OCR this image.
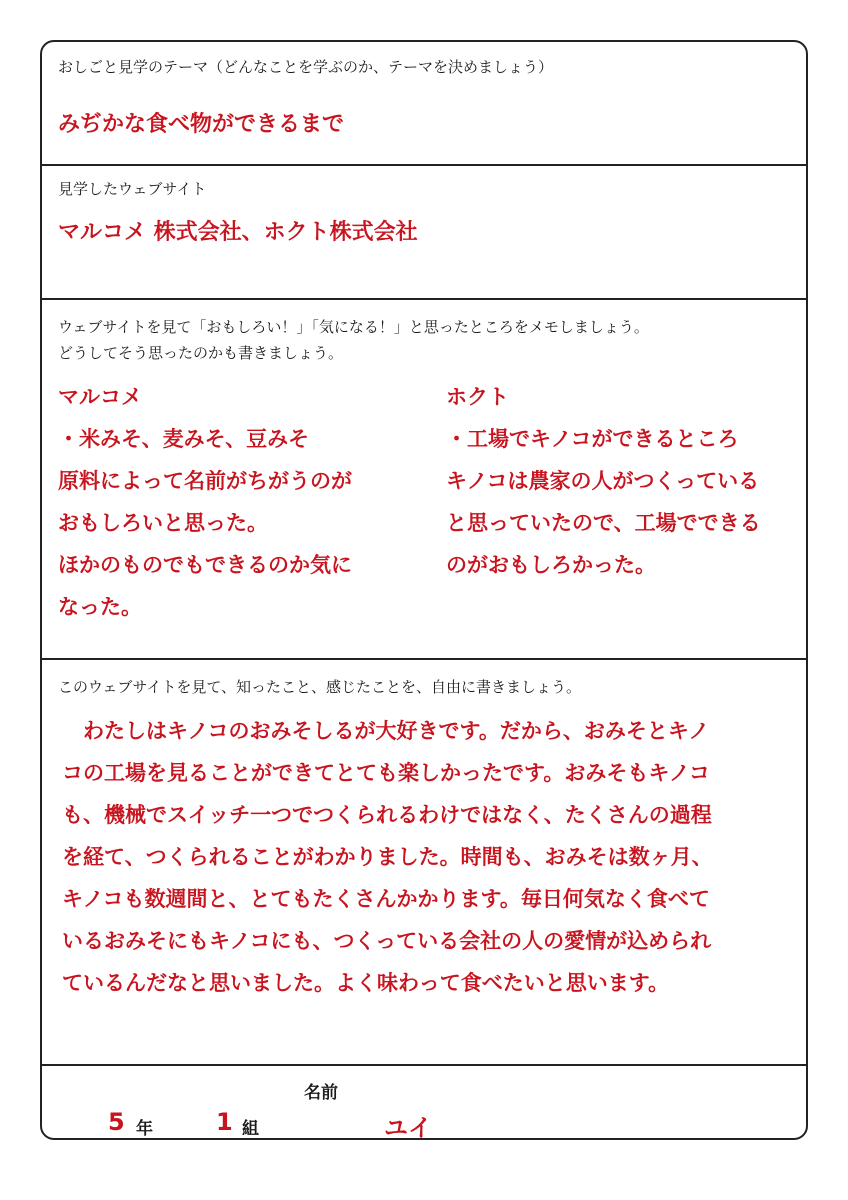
おしごと見学のテーマ（どんなことを学ぶのか、テーマを決めましょう）
みぢかな食べ物ができるまで
見学したウェブサイト
マルコメ 株式会社、ホクト株式会社
ウェブサイトを見て「おもしろい！」「気になる！」と思ったところをメモしましょう。
どうしてそう思ったのかも書きましょう。
マルコメ
・米みそ、麦みそ、豆みそ
原料によって名前がちがうのが
おもしろいと思った。
ほかのものでもできるのか気に
なった。
ホクト
・工場でキノコができるところ
キノコは農家の人がつくっている
と思っていたので、工場でできる
のがおもしろかった。
このウェブサイトを見て、知ったこと、感じたことを、自由に書きましょう。
　わたしはキノコのおみそしるが大好きです。だから、おみそとキノ
コの工場を見ることができてとても楽しかったです。おみそもキノコ
も、機械でスイッチ一つでつくられるわけではなく、たくさんの過程
を経て、つくられることがわかりました。時間も、おみそは数ヶ月、
キノコも数週間と、とてもたくさんかかります。毎日何気なく食べて
いるおみそにもキノコにも、つくっている会社の人の愛情が込められ
ているんだなと思いました。よく味わって食べたいと思います。
5 年	1 組
名前
ユイ
